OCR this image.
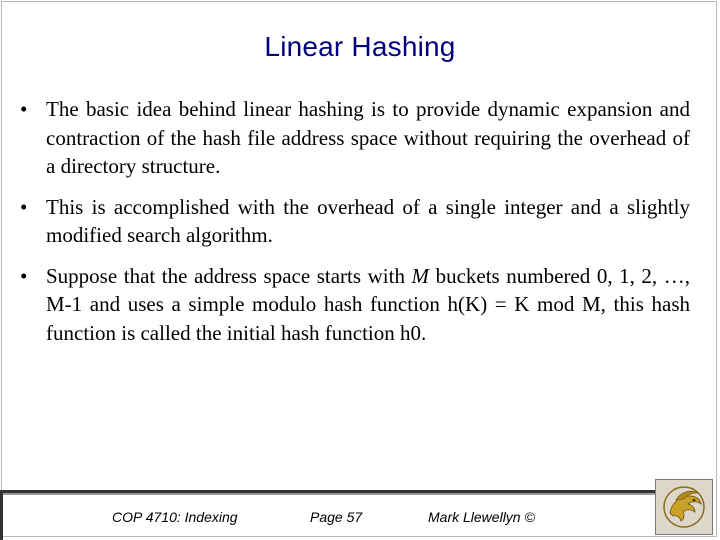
Linear Hashing
• The basic idea behind linear hashing is to provide dynamic expansion and contraction of the hash file address space without requiring the overhead of a directory structure.
• This is accomplished with the overhead of a single integer and a slightly modified search algorithm.
• Suppose that the address space starts with M buckets numbered 0, 1, 2, …, M-1 and uses a simple modulo hash function h(K) = K mod M, this hash function is called the initial hash function h0.
COP 4710: Indexing	Page 57	Mark Llewellyn ©
